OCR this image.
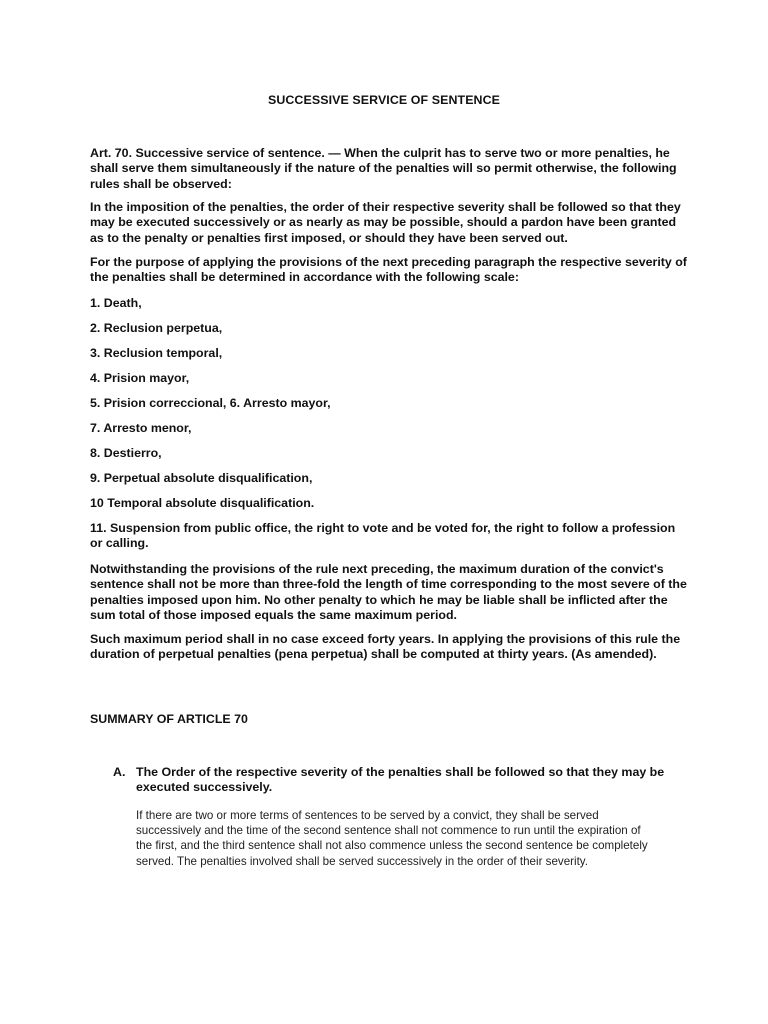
SUCCESSIVE SERVICE OF SENTENCE

Art. 70. Successive service of sentence. — When the culprit has to serve two or more penalties, he shall serve them simultaneously if the nature of the penalties will so permit otherwise, the following rules shall be observed:

In the imposition of the penalties, the order of their respective severity shall be followed so that they may be executed successively or as nearly as may be possible, should a pardon have been granted as to the penalty or penalties first imposed, or should they have been served out.

For the purpose of applying the provisions of the next preceding paragraph the respective severity of the penalties shall be determined in accordance with the following scale:

1. Death,

2. Reclusion perpetua,

3. Reclusion temporal,

4. Prision mayor,

5. Prision correccional, 6. Arresto mayor,

7. Arresto menor,

8. Destierro,

9. Perpetual absolute disqualification,

10 Temporal absolute disqualification.

11. Suspension from public office, the right to vote and be voted for, the right to follow a profession or calling.

Notwithstanding the provisions of the rule next preceding, the maximum duration of the convict's sentence shall not be more than three-fold the length of time corresponding to the most severe of the penalties imposed upon him. No other penalty to which he may be liable shall be inflicted after the sum total of those imposed equals the same maximum period.

Such maximum period shall in no case exceed forty years. In applying the provisions of this rule the duration of perpetual penalties (pena perpetua) shall be computed at thirty years. (As amended).

SUMMARY OF ARTICLE 70
A. The Order of the respective severity of the penalties shall be followed so that they may be executed successively.
If there are two or more terms of sentences to be served by a convict, they shall be served successively and the time of the second sentence shall not commence to run until the expiration of the first, and the third sentence shall not also commence unless the second sentence be completely served. The penalties involved shall be served successively in the order of their severity.
